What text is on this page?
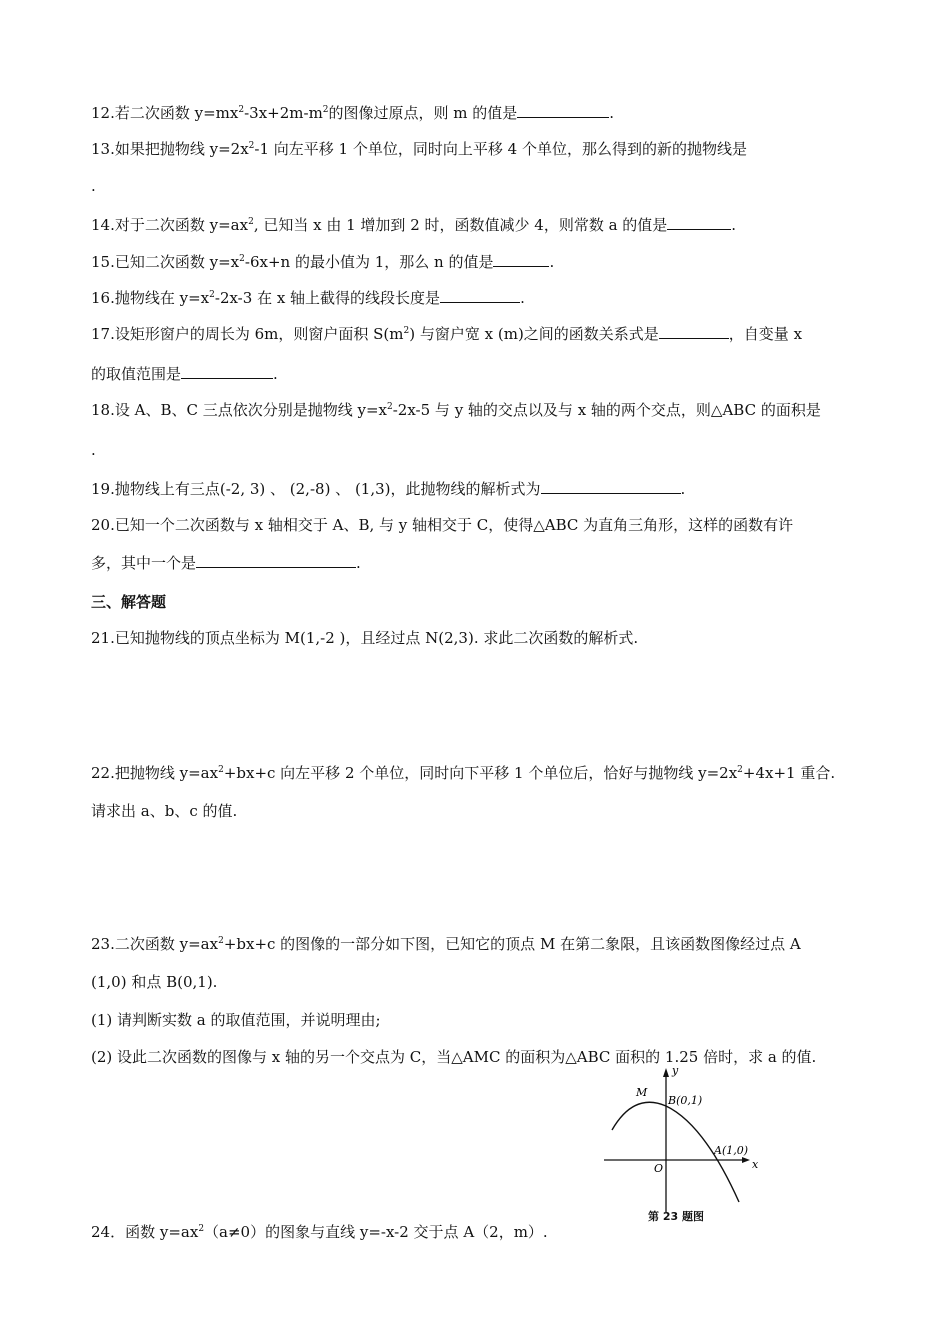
12.若二次函数 $y=mx^2-3x+2m-m^2$的图像过原点，则 m 的值是	.
13.如果把抛物线 $y=2x^2-1$ 向左平移 1 个单位，同时向上平移 4 个单位，那么得到的新的抛物线是
.
14.对于二次函数 $y=ax^2$, 已知当 x 由 1 增加到 2 时，函数值减少 4，则常数 a 的值是	.
15.已知二次函数 $y=x^2-6x+n$ 的最小值为 1，那么 n 的值是	.
16.抛物线在 $y=x^2-2x-3$ 在 x 轴上截得的线段长度是	.
17.设矩形窗户的周长为 6m，则窗户面积 $S(m^2)$ 与窗户宽 x (m)之间的函数关系式是	，自变量 x
的取值范围是	.
18.设 A、B、C 三点依次分别是抛物线 $y=x^2-2x-5$ 与 y 轴的交点以及与 x 轴的两个交点，则△ABC 的面积是
.
19.抛物线上有三点(-2, 3) 、 (2,-8) 、 (1,3)，此抛物线的解析式为	.
20.已知一个二次函数与 x 轴相交于 A、B, 与 y 轴相交于 C，使得△ABC 为直角三角形，这样的函数有许
多，其中一个是	.
三、解答题
21.已知抛物线的顶点坐标为 M(1,-2 )，且经过点 N(2,3). 求此二次函数的解析式.
22.把抛物线 $y=ax^2+bx+c$ 向左平移 2 个单位，同时向下平移 1 个单位后，恰好与抛物线 $y=2x^2+4x+1$ 重合.
请求出 a、b、c 的值.
23.二次函数 $y=ax^2+bx+c$ 的图像的一部分如下图，已知它的顶点 M 在第二象限，且该函数图像经过点 A
(1,0) 和点 B(0,1).
(1) 请判断实数 a 的取值范围，并说明理由;
(2) 设此二次函数的图像与 x 轴的另一个交点为 C，当△AMC 的面积为△ABC 面积的 1.25 倍时，求 a 的值.
y
x
O
M
B(0,1)
A(1,0)
第 23 题图
24．函数 $y=ax^2(a\ne 0)$的图象与直线 y=-x-2 交于点 A（2，m）.
